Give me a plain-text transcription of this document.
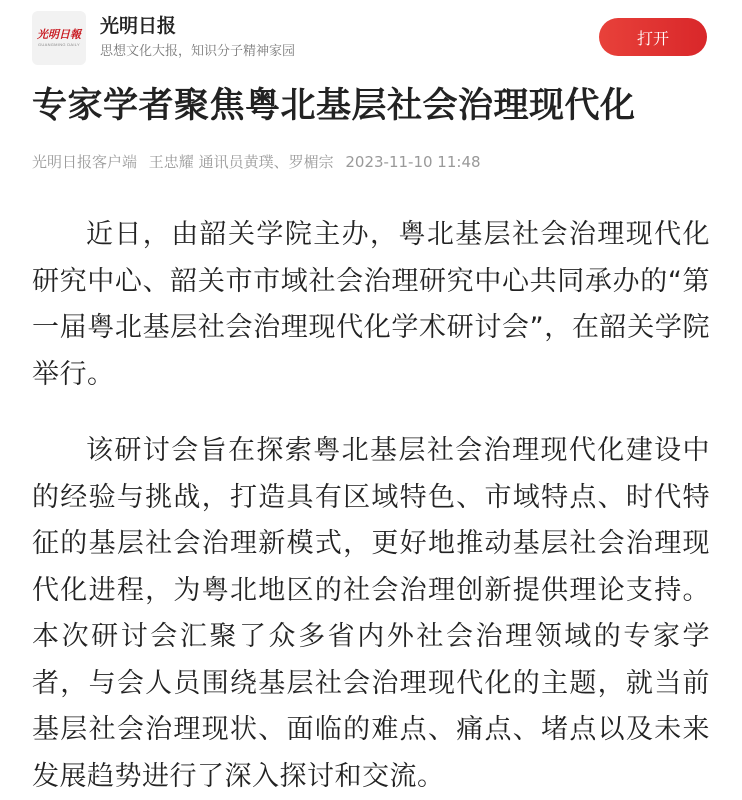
光明日報
GUANGMING DAILY
光明日报
思想文化大报，知识分子精神家园
打开
专家学者聚焦粤北基层社会治理现代化
光明日报客户端 王忠耀 通讯员黄璞、罗楣宗 2023-11-10 11:48

近日，由韶关学院主办，粤北基层社会治理现代化研究中心、韶关市市域社会治理研究中心共同承办的“第一届粤北基层社会治理现代化学术研讨会”，在韶关学院举行。

该研讨会旨在探索粤北基层社会治理现代化建设中的经验与挑战，打造具有区域特色、市域特点、时代特征的基层社会治理新模式，更好地推动基层社会治理现代化进程，为粤北地区的社会治理创新提供理论支持。本次研讨会汇聚了众多省内外社会治理领域的专家学者，与会人员围绕基层社会治理现代化的主题，就当前基层社会治理现状、面临的难点、痛点、堵点以及未来发展趋势进行了深入探讨和交流。
